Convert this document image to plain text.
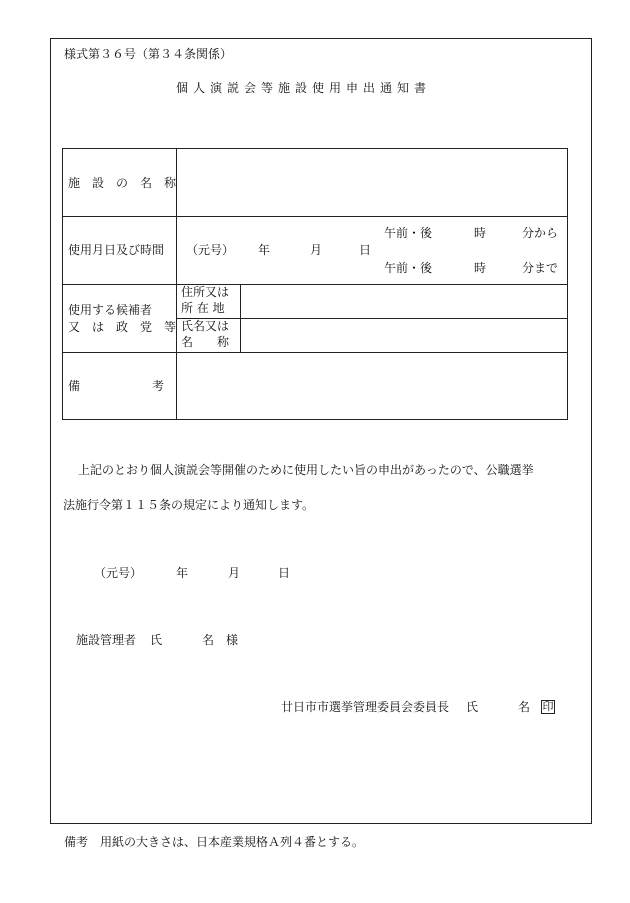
様式第３６号（第３４条関係）
個人演説会等施設使用申出通知書
施　設　の　名　称
使用月日及び時間 （元号） 年	月	日
午前・後	時	分から
午前・後	時	分まで
使用する候補者
又　は　政　党　等
住所又は
所 在 地
氏名又は
名　　称
備　　　　　　考
上記のとおり個人演説会等開催のために使用したい旨の申出があったので、公職選挙
法施行令第１１５条の規定により通知します。
（元号）	年	月	日
施設管理者 氏	名 様
廿日市市選挙管理委員会委員長 氏	名 印
備考　用紙の大きさは、日本産業規格Ａ列４番とする。
